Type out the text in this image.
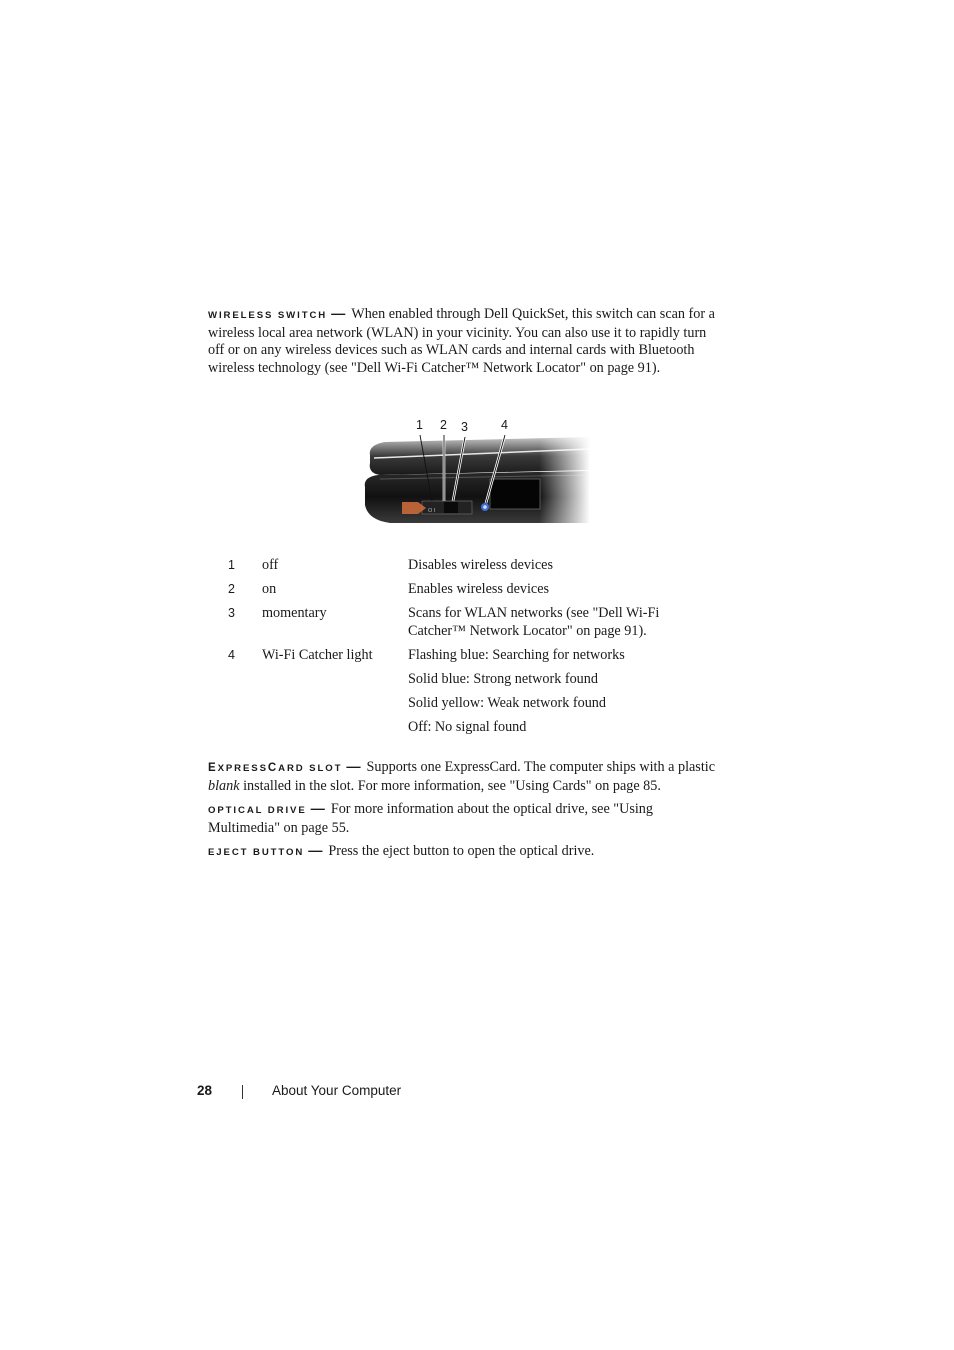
WIRELESS SWITCH — When enabled through Dell QuickSet, this switch can scan for a wireless local area network (WLAN) in your vicinity. You can also use it to rapidly turn off or on any wireless devices such as WLAN cards and internal cards with Bluetooth wireless technology (see "Dell Wi-Fi Catcher™ Network Locator" on page 91).

1	off	Disables wireless devices
2	on	Enables wireless devices
3	momentary	Scans for WLAN networks (see "Dell Wi-Fi Catcher™ Network Locator" on page 91).
4	Wi-Fi Catcher light	Flashing blue: Searching for networks
		Solid blue: Strong network found
		Solid yellow: Weak network found
		Off: No signal found

EXPRESSCARD SLOT — Supports one ExpressCard. The computer ships with a plastic blank installed in the slot. For more information, see "Using Cards" on page 85.

OPTICAL DRIVE — For more information about the optical drive, see "Using Multimedia" on page 55.

EJECT BUTTON — Press the eject button to open the optical drive.

28	About Your Computer
